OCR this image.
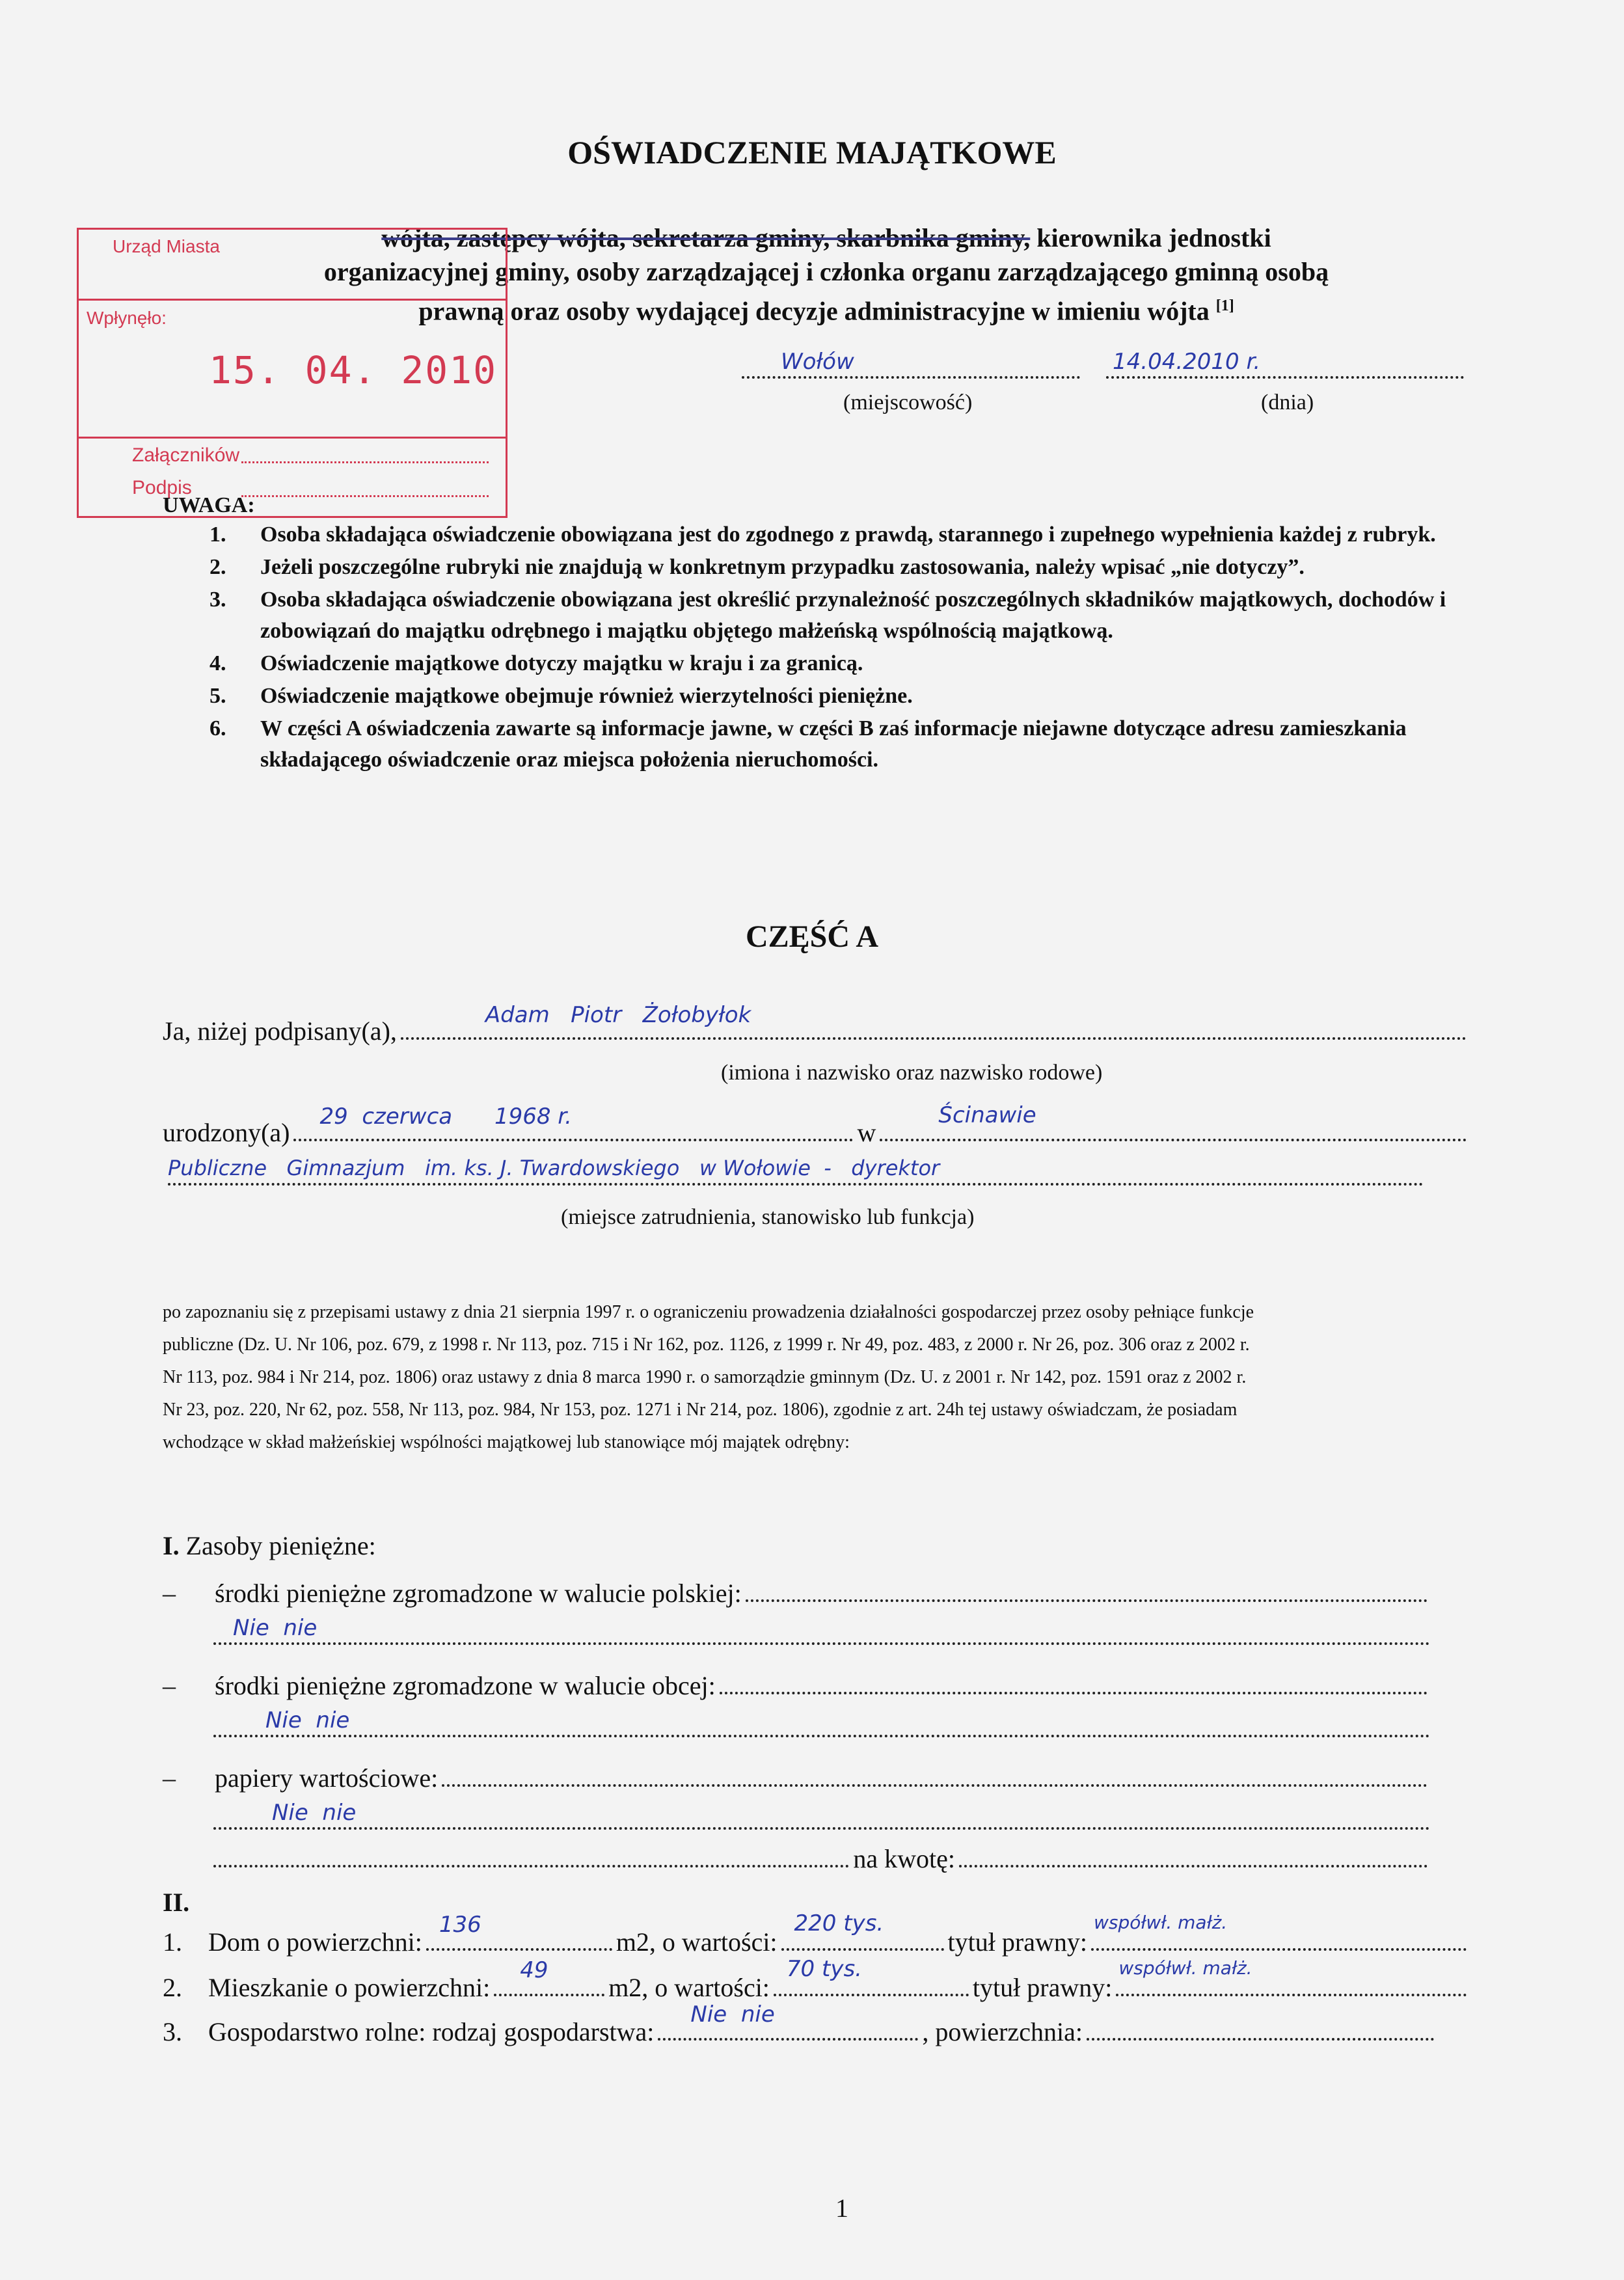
OŚWIADCZENIE MAJĄTKOWE
wójta, zastępcy wójta, sekretarza gminy, skarbnika gminy, kierownika jednostki
organizacyjnej gminy, osoby zarządzającej i członka organu zarządzającego gminną osobą
prawną oraz osoby wydającej decyzje administracyjne w imieniu wójta [1]
Urząd Miasta
Wpłynęło:
15. 04. 2010
Załączników
Podpis
Wołów	14.04.2010 r.
(miejscowość)	(dnia)
UWAGA:
1. Osoba składająca oświadczenie obowiązana jest do zgodnego z prawdą, starannego i zupełnego wypełnienia każdej z rubryk.
2. Jeżeli poszczególne rubryki nie znajdują w konkretnym przypadku zastosowania, należy wpisać „nie dotyczy”.
3. Osoba składająca oświadczenie obowiązana jest określić przynależność poszczególnych składników majątkowych, dochodów i zobowiązań do majątku odrębnego i majątku objętego małżeńską wspólnością majątkową.
4. Oświadczenie majątkowe dotyczy majątku w kraju i za granicą.
5. Oświadczenie majątkowe obejmuje również wierzytelności pieniężne.
6. W części A oświadczenia zawarte są informacje jawne, w części B zaś informacje niejawne dotyczące adresu zamieszkania składającego oświadczenie oraz miejsca położenia nieruchomości.
CZĘŚĆ A
Ja, niżej podpisany(a),
Adam   Piotr   Żołobyłok
(imiona i nazwisko oraz nazwisko rodowe)
urodzony(a)
29  czerwca      1968 r.
w
Ścinawie
Publiczne   Gimnazjum   im. ks. J. Twardowskiego   w Wołowie  -   dyrektor
(miejsce zatrudnienia, stanowisko lub funkcja)
po zapoznaniu się z przepisami ustawy z dnia 21 sierpnia 1997 r. o ograniczeniu prowadzenia działalności gospodarczej przez osoby pełniące funkcje
publiczne (Dz. U. Nr 106, poz. 679, z 1998 r. Nr 113, poz. 715 i Nr 162, poz. 1126, z 1999 r. Nr 49, poz. 483, z 2000 r. Nr 26, poz. 306 oraz z 2002 r.
Nr 113, poz. 984 i Nr 214, poz. 1806) oraz ustawy z dnia 8 marca 1990 r. o samorządzie gminnym (Dz. U. z 2001 r. Nr 142, poz. 1591 oraz z 2002 r.
Nr 23, poz. 220, Nr 62, poz. 558, Nr 113, poz. 984, Nr 153, poz. 1271 i Nr 214, poz. 1806), zgodnie z art. 24h tej ustawy oświadczam, że posiadam
wchodzące w skład małżeńskiej wspólności majątkowej lub stanowiące mój majątek odrębny:
I. Zasoby pieniężne:
–	środki pieniężne zgromadzone w walucie polskiej:
Nie  nie
–	środki pieniężne zgromadzone w walucie obcej:
Nie  nie
–	papiery wartościowe:
Nie  nie
na kwotę:
II.
1.	Dom o powierzchni:
136
m2, o wartości:
220 tys.
tytuł prawny:
współwł. małż.
2.	Mieszkanie o powierzchni:
49
m2, o wartości:
70 tys.
tytuł prawny:
współwł. małż.
3.	Gospodarstwo rolne: rodzaj gospodarstwa:
Nie  nie
, powierzchnia:
1
